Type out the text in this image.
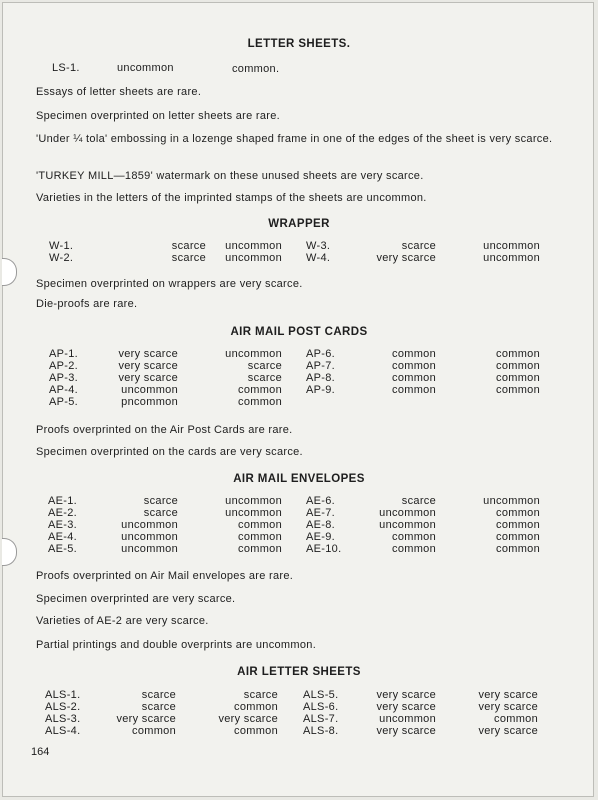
LETTER SHEETS.
LS-1.	uncommon	common.
Essays of letter sheets are rare.
Specimen overprinted on letter sheets are rare.
'Under ¼ tola' embossing in a lozenge shaped frame in one of the edges of the sheet is very scarce.
'TURKEY MILL—1859' watermark on these unused sheets are very scarce.
Varieties in the letters of the imprinted stamps of the sheets are uncommon.
WRAPPER
W-1.	scarce uncommon
W-2.	scarce uncommon
W-3.	scarce	uncommon
W-4.	very scarce	uncommon
Specimen overprinted on wrappers are very scarce.
Die-proofs are rare.
AIR MAIL POST CARDS
AP-1.	very scarce	uncommon
AP-2.	very scarce	scarce
AP-3.	very scarce	scarce
AP-4.	uncommon	common
AP-5.	pncommon	common
AP-6.	common	common
AP-7.	common	common
AP-8.	common	common
AP-9.	common	common
Proofs overprinted on the Air Post Cards are rare.
Specimen overprinted on the cards are very scarce.
AIR MAIL ENVELOPES
AE-1.	scarce	uncommon
AE-2.	scarce	uncommon
AE-3.	uncommon	common
AE-4.	uncommon	common
AE-5.	uncommon	common
AE-6.	scarce	uncommon
AE-7.	uncommon	common
AE-8.	uncommon	common
AE-9.	common	common
AE-10.	common	common
Proofs overprinted on Air Mail envelopes are rare.
Specimen overprinted are very scarce.
Varieties of AE-2 are very scarce.
Partial printings and double overprints are uncommon.
AIR LETTER SHEETS
ALS-1.	scarce	scarce
ALS-2.	scarce	common
ALS-3.	very scarce	very scarce
ALS-4.	common	common
ALS-5.	very scarce	very scarce
ALS-6.	very scarce	very scarce
ALS-7.	uncommon	common
ALS-8.	very scarce	very scarce
164
